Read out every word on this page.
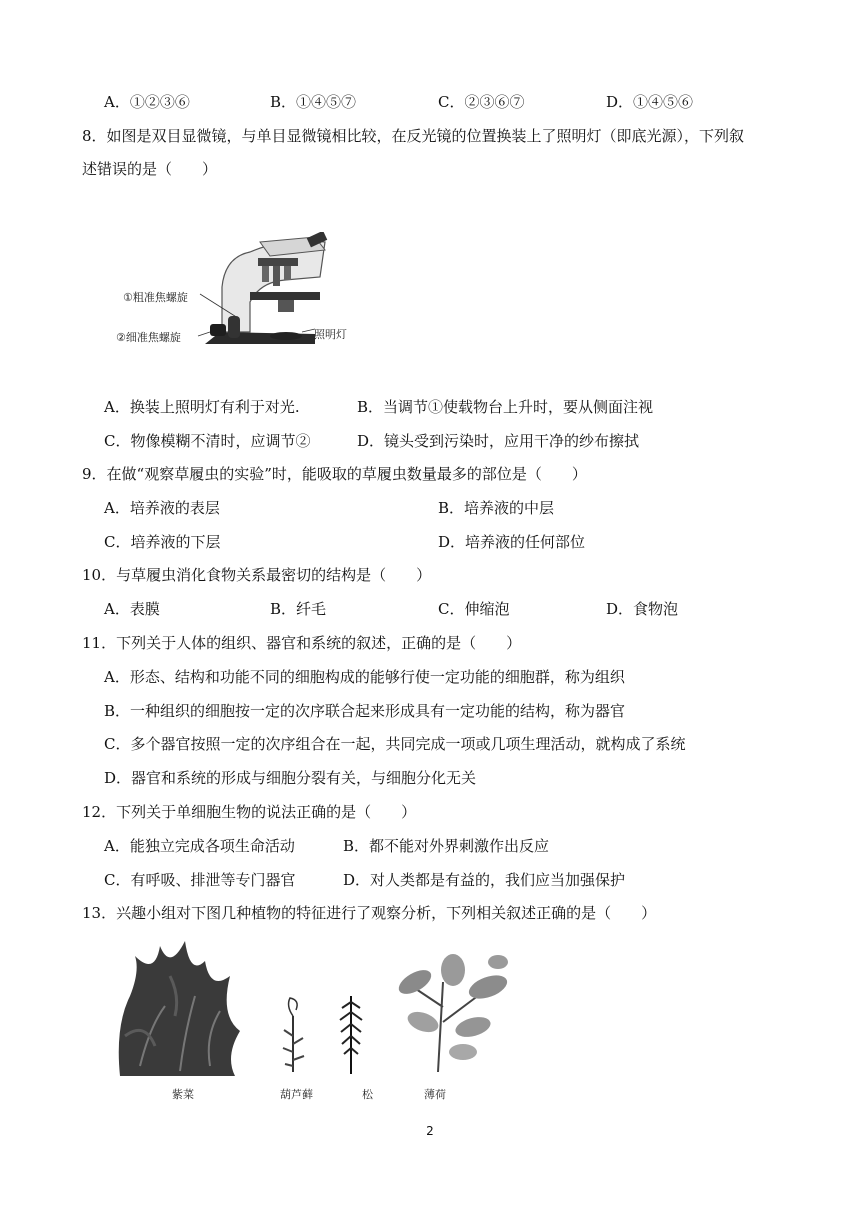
A．①②③⑥	B．①④⑤⑦	C．②③⑥⑦	D．①④⑤⑥
8．如图是双目显微镜，与单目显微镜相比较，在反光镜的位置换装上了照明灯（即底光源），下列叙
述错误的是（　　）
①粗准焦螺旋
②细准焦螺旋	照明灯
A．换装上照明灯有利于对光.	B．当调节①使载物台上升时，要从侧面注视
C．物像模糊不清时，应调节②	D．镜头受到污染时，应用干净的纱布擦拭
9．在做“观察草履虫的实验”时，能吸取的草履虫数量最多的部位是（　　）
A．培养液的表层	B．培养液的中层
C．培养液的下层	D．培养液的任何部位
10．与草履虫消化食物关系最密切的结构是（　　）
A．表膜	B．纤毛	C．伸缩泡	D．食物泡
11．下列关于人体的组织、器官和系统的叙述，正确的是（　　）
A．形态、结构和功能不同的细胞构成的能够行使一定功能的细胞群，称为组织
B．一种组织的细胞按一定的次序联合起来形成具有一定功能的结构，称为器官
C．多个器官按照一定的次序组合在一起，共同完成一项或几项生理活动，就构成了系统
D．器官和系统的形成与细胞分裂有关，与细胞分化无关
12．下列关于单细胞生物的说法正确的是（　　）
A．能独立完成各项生命活动	B．都不能对外界刺激作出反应
C．有呼吸、排泄等专门器官	D．对人类都是有益的，我们应当加强保护
13．兴趣小组对下图几种植物的特征进行了观察分析，下列相关叙述正确的是（　　）
紫菜	葫芦藓	松	薄荷
2
